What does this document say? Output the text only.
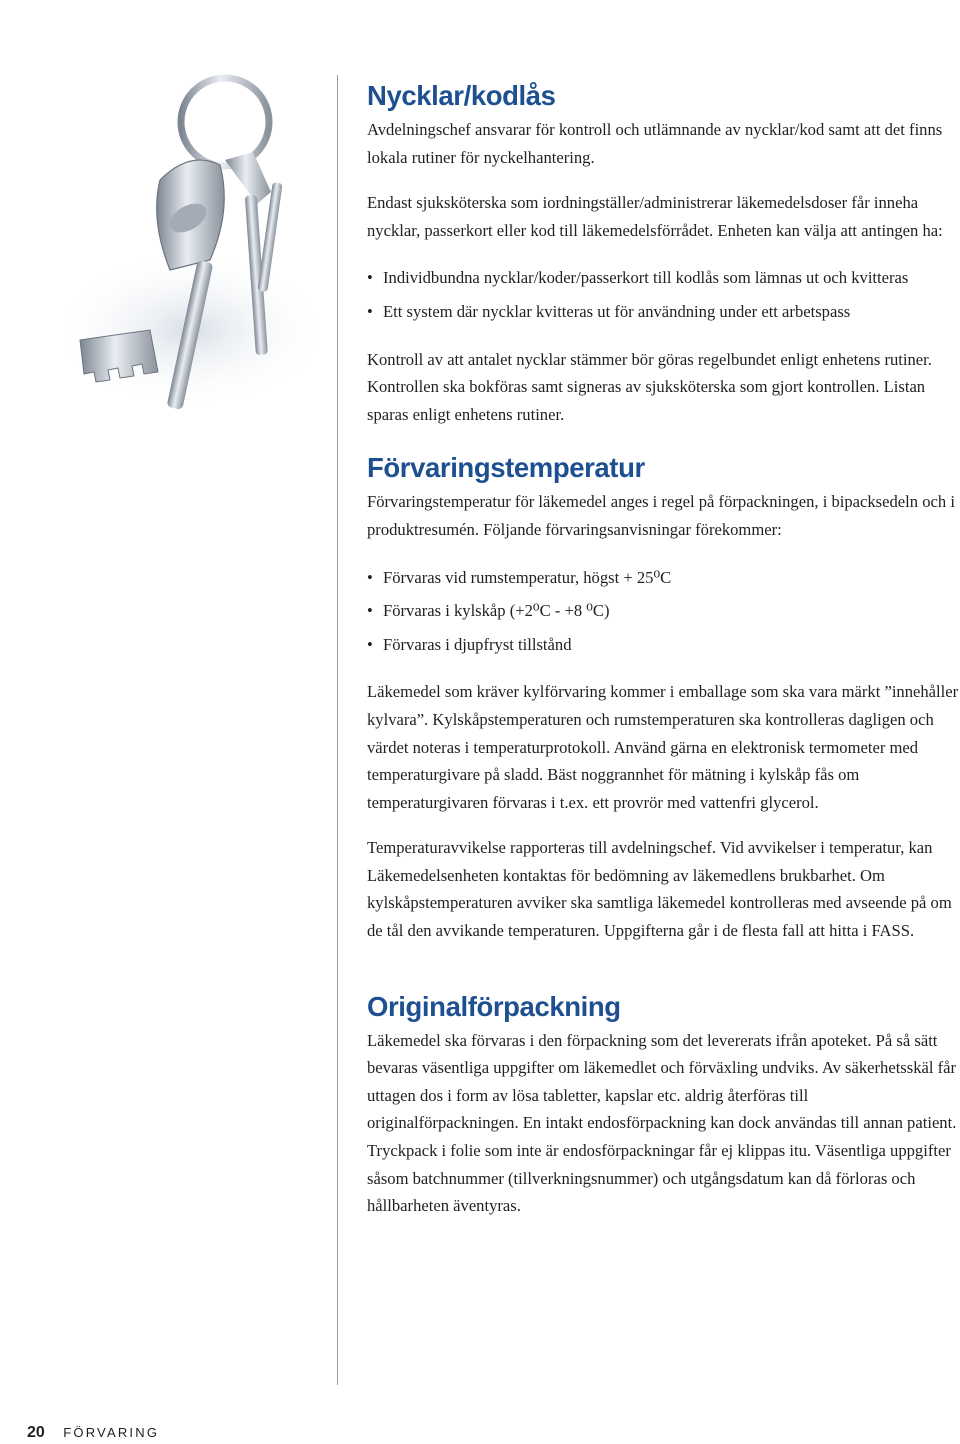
Nycklar/kodlås

Avdelningschef ansvarar för kontroll och utlämnande av nycklar/kod samt att det finns lokala rutiner för nyckelhantering.

Endast sjuksköterska som iordningställer/administrerar läkemedelsdoser får inneha nycklar, passerkort eller kod till läkemedelsförrådet. Enheten kan välja att antingen ha:

• Individbundna nycklar/koder/passerkort till kodlås som lämnas ut och kvitteras
• Ett system där nycklar kvitteras ut för användning under ett arbetspass

Kontroll av att antalet nycklar stämmer bör göras regelbundet enligt enhetens rutiner. Kontrollen ska bokföras samt signeras av sjuksköterska som gjort kontrollen. Listan sparas enligt enhetens rutiner.

Förvaringstemperatur

Förvaringstemperatur för läkemedel anges i regel på förpackningen, i bipacksedeln och i produktresumén. Följande förvaringsanvisningar förekommer:

• Förvaras vid rumstemperatur, högst + 25⁰C
• Förvaras i kylskåp (+2⁰C - +8 ⁰C)
• Förvaras i djupfryst tillstånd

Läkemedel som kräver kylförvaring kommer i emballage som ska vara märkt ”innehåller kylvara”. Kylskåpstemperaturen och rumstemperaturen ska kontrolleras dagligen och värdet noteras i temperaturprotokoll. Använd gärna en elektronisk termometer med temperaturgivare på sladd. Bäst noggrannhet för mätning i kylskåp fås om temperaturgivaren förvaras i t.ex. ett provrör med vattenfri glycerol.

Temperaturavvikelse rapporteras till avdelningschef. Vid avvikelser i temperatur, kan Läkemedelsenheten kontaktas för bedömning av läkemedlens brukbarhet. Om kylskåpstemperaturen avviker ska samtliga läkemedel kontrolleras med avseende på om de tål den avvikande temperaturen. Uppgifterna går i de flesta fall att hitta i FASS.

Originalförpackning

Läkemedel ska förvaras i den förpackning som det levererats ifrån apoteket. På så sätt bevaras väsentliga uppgifter om läkemedlet och förväxling undviks. Av säkerhetsskäl får uttagen dos i form av lösa tabletter, kapslar etc. aldrig återföras till originalförpackningen. En intakt endosförpackning kan dock användas till annan patient. Tryckpack i folie som inte är endosförpackningar får ej klippas itu. Väsentliga uppgifter såsom batchnummer (tillverkningsnummer) och utgångsdatum kan då förloras och hållbarheten äventyras.

20 FÖRVARING
